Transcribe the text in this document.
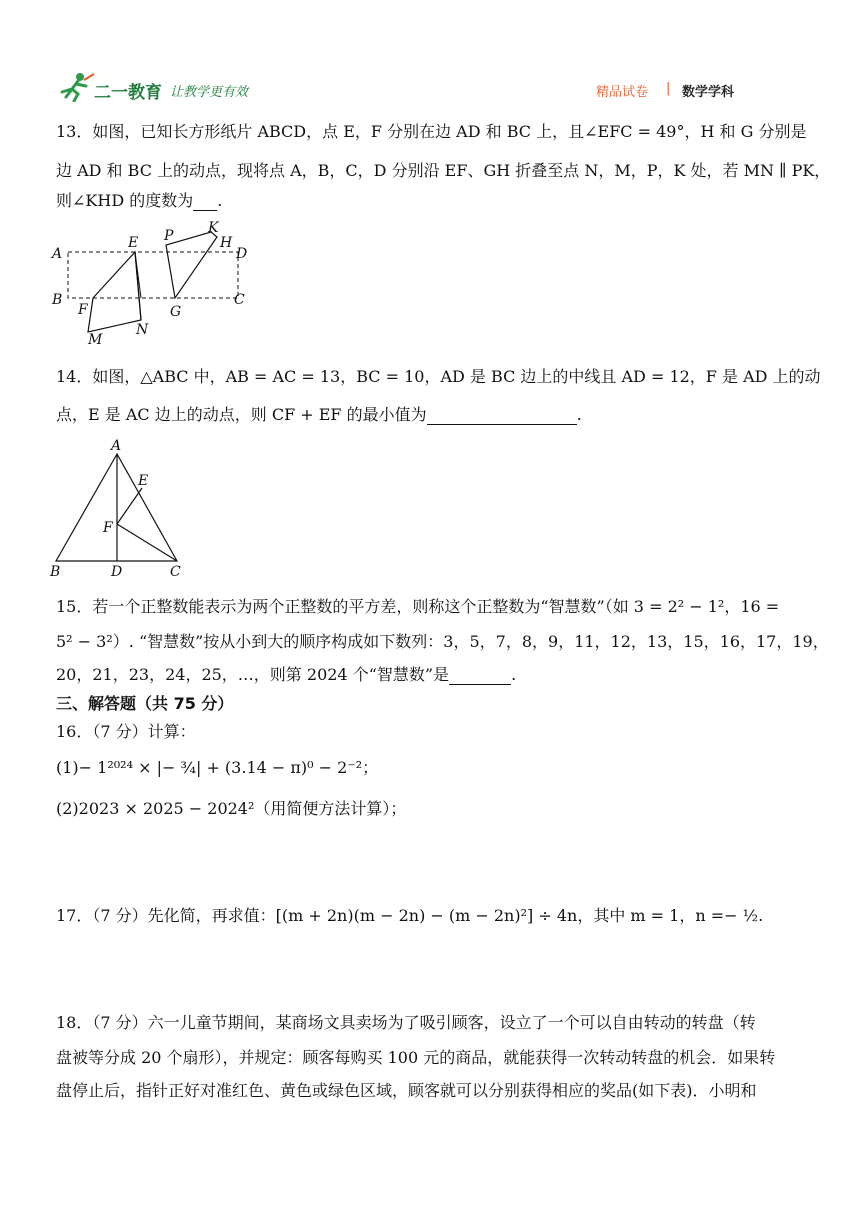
二一教育 让教学更有效	精品试卷 | 数学学科
13．如图，已知长方形纸片 ABCD，点 E，F 分别在边 AD 和 BC 上，且∠EFC = 49°，H 和 G 分别是
边 AD 和 BC 上的动点，现将点 A，B，C，D 分别沿 EF、GH 折叠至点 N，M，P，K 处，若 MN ∥ PK，
则∠KHD 的度数为 .
A
B	C
D
E
F	G
H
K
M
N
P
14．如图，△ABC 中，AB = AC = 13，BC = 10，AD 是 BC 边上的中线且 AD = 12，F 是 AD 上的动
点，E 是 AC 边上的动点，则 CF + EF 的最小值为	.
A
B	C
D
E
F
15．若一个正整数能表示为两个正整数的平方差，则称这个正整数为“智慧数”（如 3 = 2² − 1²，16 =
5² − 3²）. “智慧数”按从小到大的顺序构成如下数列：3，5，7，8，9，11，12，13，15，16，17，19，
20，21，23，24，25，…，则第 2024 个“智慧数”是	.
三、解答题（共 75 分）
16．（7 分）计算：
(1)− 1²⁰²⁴ × |− ¾| + (3.14 − π)⁰ − 2⁻²；
(2)2023 × 2025 − 2024²（用简便方法计算）；
17．（7 分）先化简，再求值：[(m + 2n)(m − 2n) − (m − 2n)²] ÷ 4n，其中 m = 1，n =− ½.
18．（7 分）六一儿童节期间，某商场文具卖场为了吸引顾客，设立了一个可以自由转动的转盘（转
盘被等分成 20 个扇形），并规定：顾客每购买 100 元的商品，就能获得一次转动转盘的机会．如果转
盘停止后，指针正好对准红色、黄色或绿色区域，顾客就可以分别获得相应的奖品(如下表)．小明和
